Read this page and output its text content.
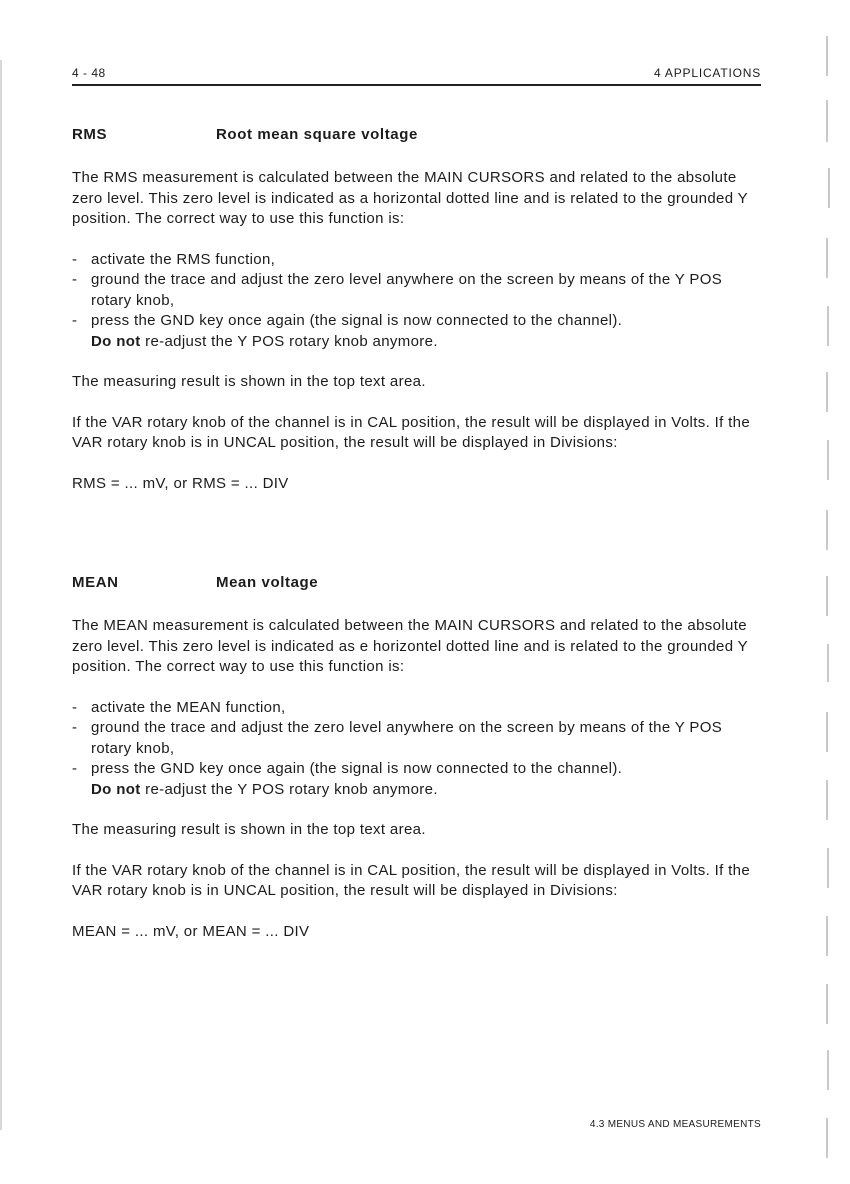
4 - 48	4 APPLICATIONS
RMS	Root mean square voltage

The RMS measurement is calculated between the MAIN CURSORS and related to the absolute zero level. This zero level is indicated as a horizontal dotted line and is related to the grounded Y position. The correct way to use this function is:

- activate the RMS function,
- ground the trace and adjust the zero level anywhere on the screen by means of the Y POS rotary knob,
- press the GND key once again (the signal is now connected to the channel).
Do not re-adjust the Y POS rotary knob anymore.

The measuring result is shown in the top text area.

If the VAR rotary knob of the channel is in CAL position, the result will be displayed in Volts. If the VAR rotary knob is in UNCAL position, the result will be displayed in Divisions:

RMS = ... mV, or RMS = ... DIV

MEAN	Mean voltage

The MEAN measurement is calculated between the MAIN CURSORS and related to the absolute zero level. This zero level is indicated as e horizontel dotted line and is related to the grounded Y position. The correct way to use this function is:

- activate the MEAN function,
- ground the trace and adjust the zero level anywhere on the screen by means of the Y POS rotary knob,
- press the GND key once again (the signal is now connected to the channel).
Do not re-adjust the Y POS rotary knob anymore.

The measuring result is shown in the top text area.

If the VAR rotary knob of the channel is in CAL position, the result will be displayed in Volts. If the VAR rotary knob is in UNCAL position, the result will be displayed in Divisions:

MEAN = ... mV, or MEAN = ... DIV

4.3 MENUS AND MEASUREMENTS
